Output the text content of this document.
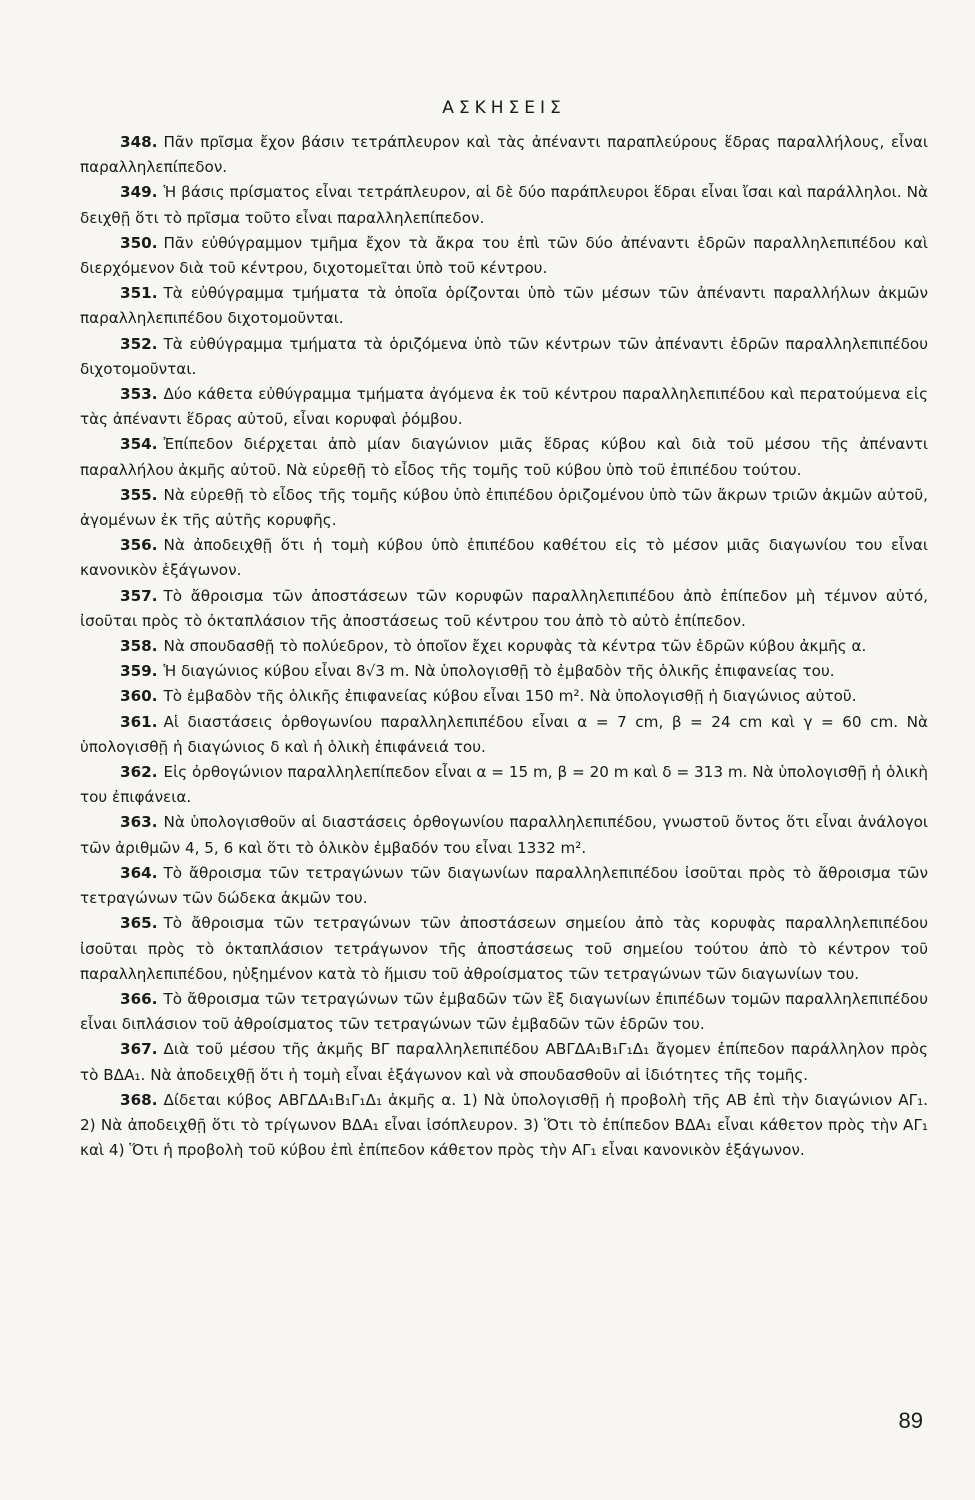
ΑΣΚΗΣΕΙΣ

348. Πᾶν πρῖσμα ἔχον βάσιν τετράπλευρον καὶ τὰς ἀπέναντι παραπλεύρους ἕδρας παραλλήλους, εἶναι παραλληλεπίπεδον.

349. Ἡ βάσις πρίσματος εἶναι τετράπλευρον, αἱ δὲ δύο παράπλευροι ἕδραι εἶναι ἴσαι καὶ παράλληλοι. Νὰ δειχθῇ ὅτι τὸ πρῖσμα τοῦτο εἶναι παραλληλεπίπεδον.

350. Πᾶν εὐθύγραμμον τμῆμα ἔχον τὰ ἄκρα του ἐπὶ τῶν δύο ἀπέναντι ἑδρῶν παραλληλεπιπέδου καὶ διερχόμενον διὰ τοῦ κέντρου, διχοτομεῖται ὑπὸ τοῦ κέντρου.

351. Τὰ εὐθύγραμμα τμήματα τὰ ὁποῖα ὁρίζονται ὑπὸ τῶν μέσων τῶν ἀπέναντι παραλλήλων ἀκμῶν παραλληλεπιπέδου διχοτομοῦνται.

352. Τὰ εὐθύγραμμα τμήματα τὰ ὁριζόμενα ὑπὸ τῶν κέντρων τῶν ἀπέναντι ἑδρῶν παραλληλεπιπέδου διχοτομοῦνται.

353. Δύο κάθετα εὐθύγραμμα τμήματα ἀγόμενα ἐκ τοῦ κέντρου παραλληλεπιπέδου καὶ περατούμενα εἰς τὰς ἀπέναντι ἕδρας αὐτοῦ, εἶναι κορυφαὶ ῥόμβου.

354. Ἐπίπεδον διέρχεται ἀπὸ μίαν διαγώνιον μιᾶς ἕδρας κύβου καὶ διὰ τοῦ μέσου τῆς ἀπέναντι παραλλήλου ἀκμῆς αὐτοῦ. Νὰ εὑρεθῇ τὸ εἶδος τῆς τομῆς τοῦ κύβου ὑπὸ τοῦ ἐπιπέδου τούτου.

355. Νὰ εὑρεθῇ τὸ εἶδος τῆς τομῆς κύβου ὑπὸ ἐπιπέδου ὁριζομένου ὑπὸ τῶν ἄκρων τριῶν ἀκμῶν αὐτοῦ, ἀγομένων ἐκ τῆς αὐτῆς κορυφῆς.

356. Νὰ ἀποδειχθῇ ὅτι ἡ τομὴ κύβου ὑπὸ ἐπιπέδου καθέτου εἰς τὸ μέσον μιᾶς διαγωνίου του εἶναι κανονικὸν ἑξάγωνον.

357. Τὸ ἄθροισμα τῶν ἀποστάσεων τῶν κορυφῶν παραλληλεπιπέδου ἀπὸ ἐπίπεδον μὴ τέμνον αὐτό, ἰσοῦται πρὸς τὸ ὀκταπλάσιον τῆς ἀποστάσεως τοῦ κέντρου του ἀπὸ τὸ αὐτὸ ἐπίπεδον.

358. Νὰ σπουδασθῇ τὸ πολύεδρον, τὸ ὁποῖον ἔχει κορυφὰς τὰ κέντρα τῶν ἑδρῶν κύβου ἀκμῆς α.

359. Ἡ διαγώνιος κύβου εἶναι 8√3 m. Νὰ ὑπολογισθῇ τὸ ἐμβαδὸν τῆς ὁλικῆς ἐπιφανείας του.

360. Τὸ ἐμβαδὸν τῆς ὁλικῆς ἐπιφανείας κύβου εἶναι 150 m². Νὰ ὑπολογισθῇ ἡ διαγώνιος αὐτοῦ.

361. Αἱ διαστάσεις ὀρθογωνίου παραλληλεπιπέδου εἶναι α = 7 cm, β = 24 cm καὶ γ = 60 cm. Νὰ ὑπολογισθῇ ἡ διαγώνιος δ καὶ ἡ ὁλικὴ ἐπιφάνειά του.

362. Εἰς ὀρθογώνιον παραλληλεπίπεδον εἶναι α = 15 m, β = 20 m καὶ δ = 313 m. Νὰ ὑπολογισθῇ ἡ ὁλικὴ του ἐπιφάνεια.

363. Νὰ ὑπολογισθοῦν αἱ διαστάσεις ὀρθογωνίου παραλληλεπιπέδου, γνωστοῦ ὄντος ὅτι εἶναι ἀνάλογοι τῶν ἀριθμῶν 4, 5, 6 καὶ ὅτι τὸ ὁλικὸν ἐμβαδόν του εἶναι 1332 m².

364. Τὸ ἄθροισμα τῶν τετραγώνων τῶν διαγωνίων παραλληλεπιπέδου ἰσοῦται πρὸς τὸ ἄθροισμα τῶν τετραγώνων τῶν δώδεκα ἀκμῶν του.

365. Τὸ ἄθροισμα τῶν τετραγώνων τῶν ἀποστάσεων σημείου ἀπὸ τὰς κορυφὰς παραλληλεπιπέδου ἰσοῦται πρὸς τὸ ὀκταπλάσιον τετράγωνον τῆς ἀποστάσεως τοῦ σημείου τούτου ἀπὸ τὸ κέντρον τοῦ παραλληλεπιπέδου, ηὐξημένον κατὰ τὸ ἥμισυ τοῦ ἀθροίσματος τῶν τετραγώνων τῶν διαγωνίων του.

366. Τὸ ἄθροισμα τῶν τετραγώνων τῶν ἐμβαδῶν τῶν ἓξ διαγωνίων ἐπιπέδων τομῶν παραλληλεπιπέδου εἶναι διπλάσιον τοῦ ἀθροίσματος τῶν τετραγώνων τῶν ἐμβαδῶν τῶν ἑδρῶν του.

367. Διὰ τοῦ μέσου τῆς ἀκμῆς ΒΓ παραλληλεπιπέδου ΑΒΓΔΑ₁Β₁Γ₁Δ₁ ἄγομεν ἐπίπεδον παράλληλον πρὸς τὸ ΒΔΑ₁. Νὰ ἀποδειχθῇ ὅτι ἡ τομὴ εἶναι ἑξάγωνον καὶ νὰ σπουδασθοῦν αἱ ἰδιότητες τῆς τομῆς.

368. Δίδεται κύβος ΑΒΓΔΑ₁Β₁Γ₁Δ₁ ἀκμῆς α. 1) Νὰ ὑπολογισθῇ ἡ προβολὴ τῆς ΑΒ ἐπὶ τὴν διαγώνιον ΑΓ₁. 2) Νὰ ἀποδειχθῇ ὅτι τὸ τρίγωνον ΒΔΑ₁ εἶναι ἰσόπλευρον. 3) Ὅτι τὸ ἐπίπεδον ΒΔΑ₁ εἶναι κάθετον πρὸς τὴν ΑΓ₁ καὶ 4) Ὅτι ἡ προβολὴ τοῦ κύβου ἐπὶ ἐπίπεδον κάθετον πρὸς τὴν ΑΓ₁ εἶναι κανονικὸν ἑξάγωνον.

89
